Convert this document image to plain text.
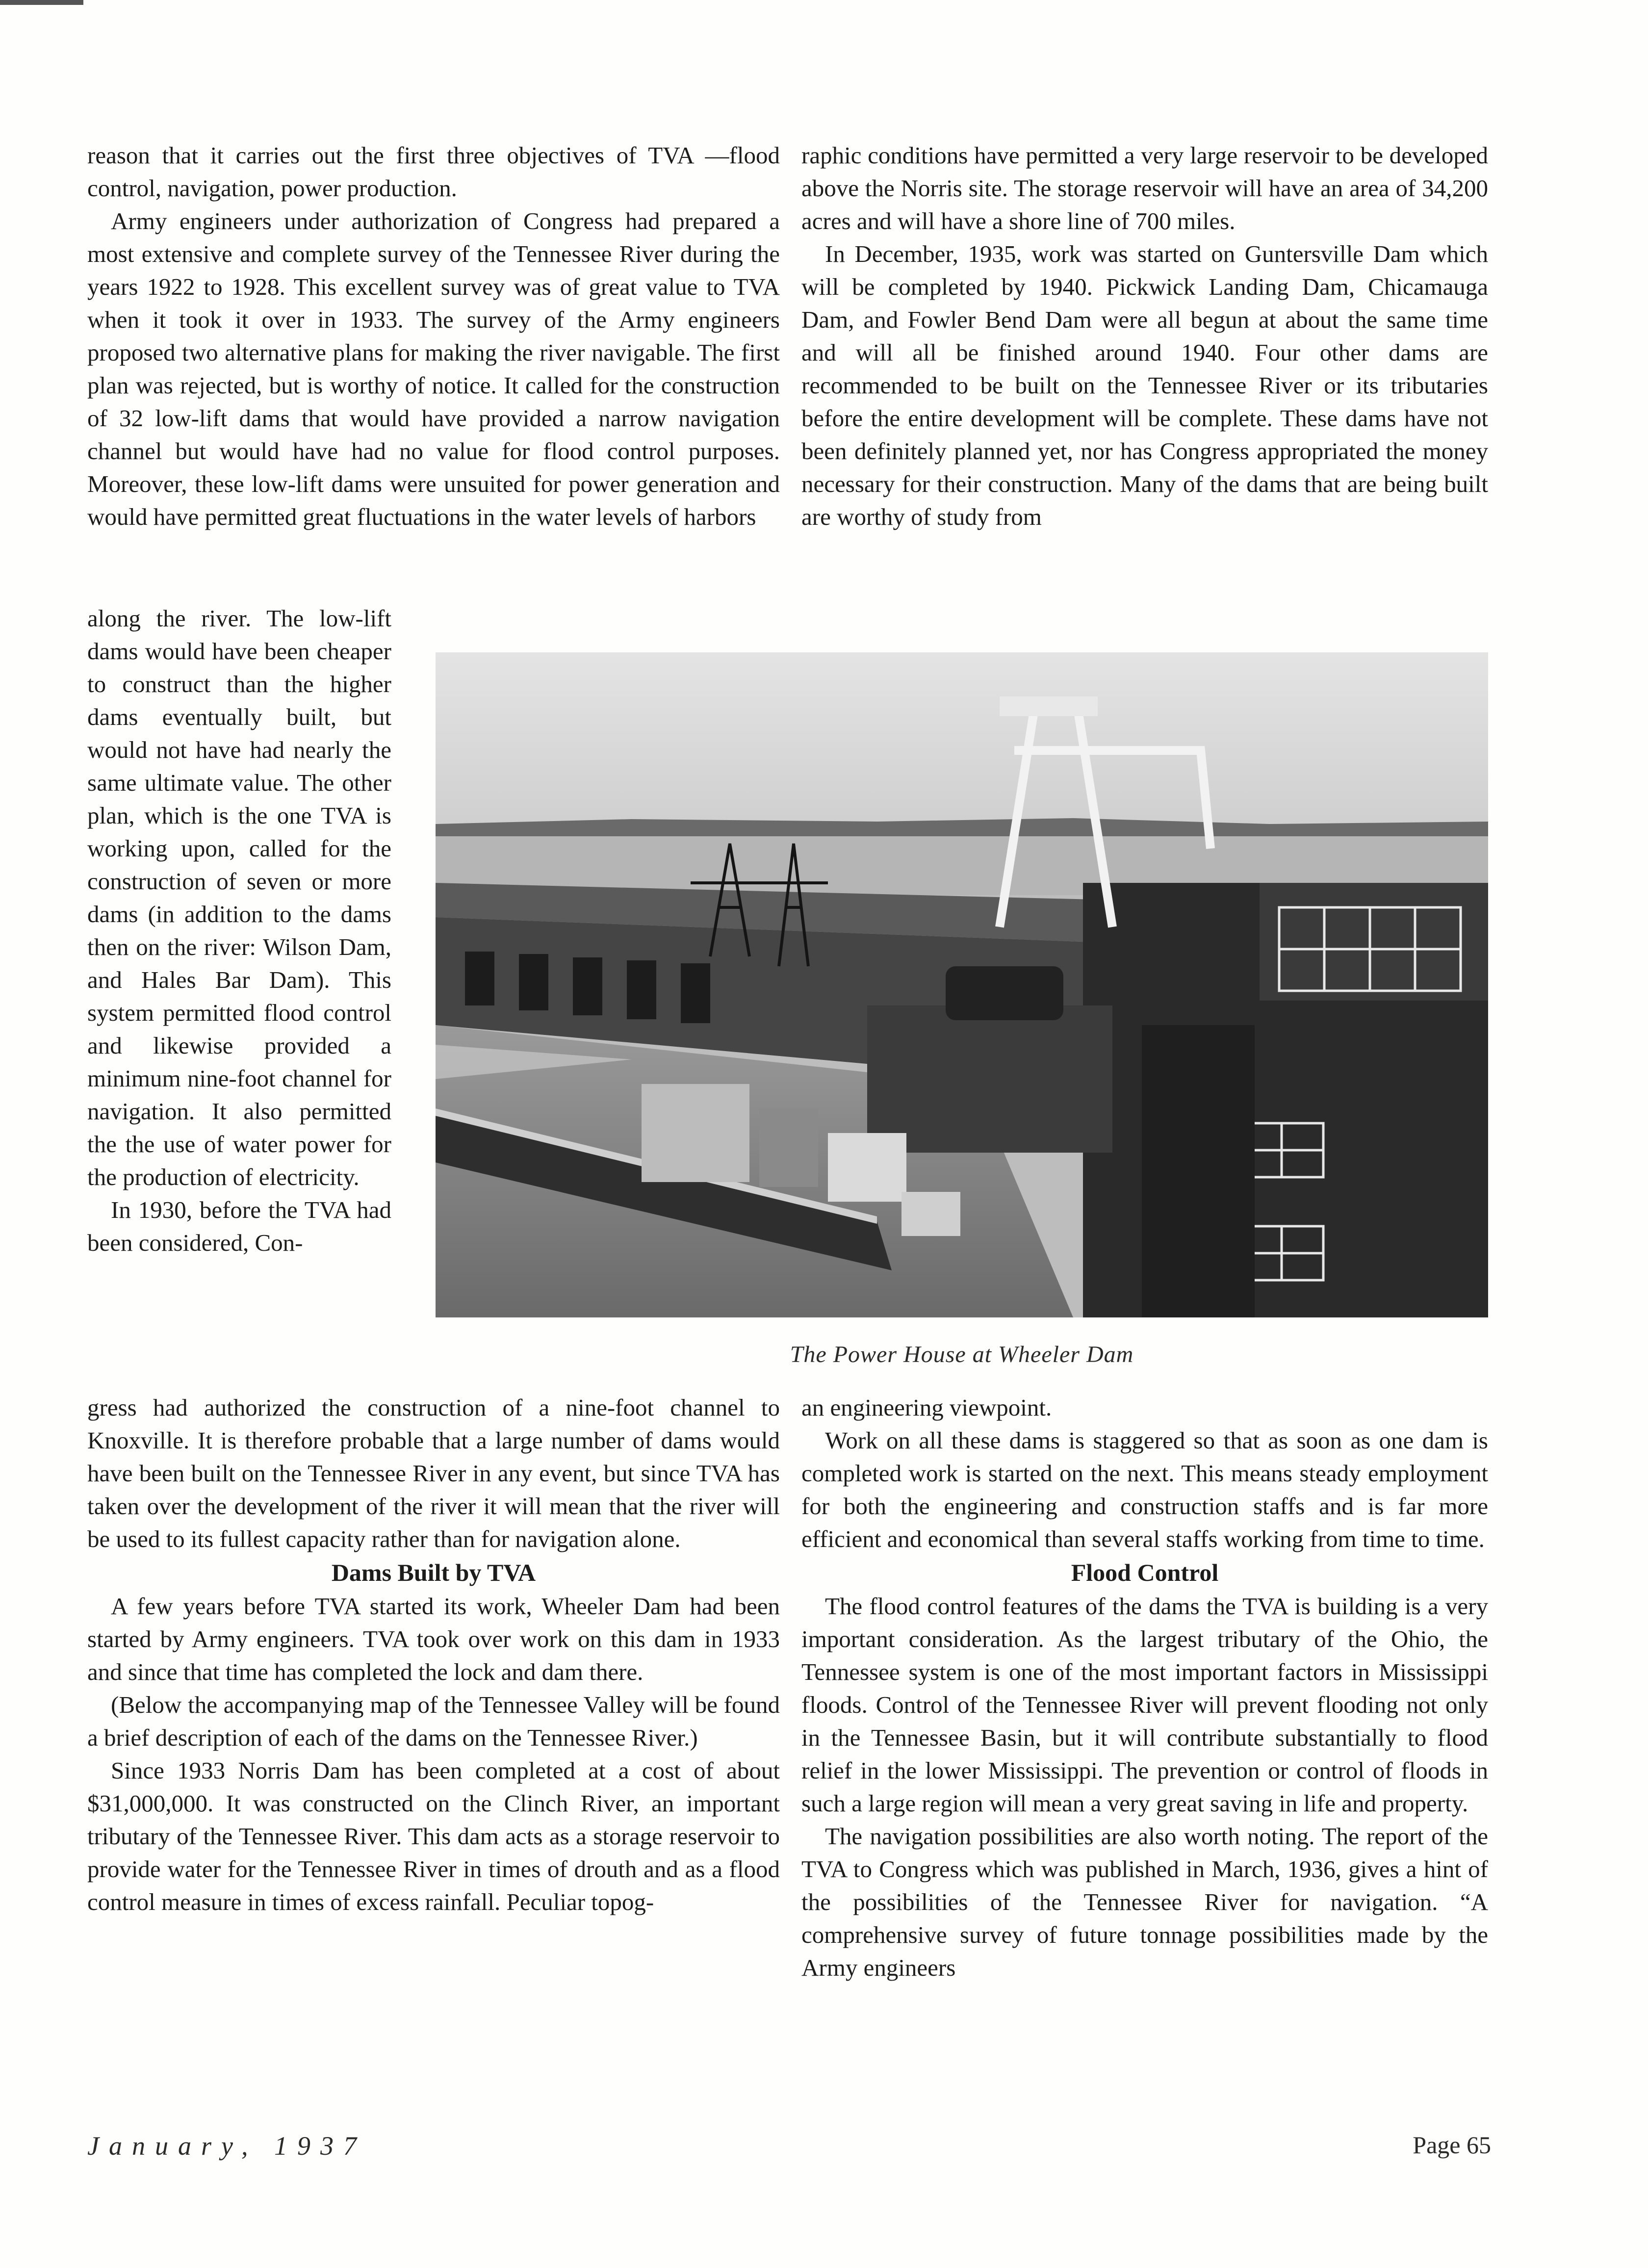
reason that it carries out the first three objectives of TVA —flood control, navigation, power production.

Army engineers under authorization of Congress had prepared a most extensive and complete survey of the Tennessee River during the years 1922 to 1928. This excellent survey was of great value to TVA when it took it over in 1933. The survey of the Army engineers proposed two alternative plans for making the river navigable. The first plan was rejected, but is worthy of notice. It called for the construction of 32 low-lift dams that would have provided a narrow navigation channel but would have had no value for flood control purposes. Moreover, these low-lift dams were unsuited for power generation and would have permitted great fluctuations in the water levels of harbors

along the river. The low-lift dams would have been cheaper to construct than the higher dams eventually built, but would not have had nearly the same ultimate value. The other plan, which is the one TVA is working upon, called for the construction of seven or more dams (in addition to the dams then on the river: Wilson Dam, and Hales Bar Dam). This system permitted flood control and likewise provided a minimum nine-foot channel for navigation. It also permitted the the use of water power for the production of electricity.

In 1930, before the TVA had been considered, Con-

raphic conditions have permitted a very large reservoir to be developed above the Norris site. The storage reservoir will have an area of 34,200 acres and will have a shore line of 700 miles.

In December, 1935, work was started on Guntersville Dam which will be completed by 1940. Pickwick Landing Dam, Chicamauga Dam, and Fowler Bend Dam were all begun at about the same time and will all be finished around 1940. Four other dams are recommended to be built on the Tennessee River or its tributaries before the entire development will be complete. These dams have not been definitely planned yet, nor has Congress appropriated the money necessary for their construction. Many of the dams that are being built are worthy of study from

The Power House at Wheeler Dam

gress had authorized the construction of a nine-foot channel to Knoxville. It is therefore probable that a large number of dams would have been built on the Tennessee River in any event, but since TVA has taken over the development of the river it will mean that the river will be used to its fullest capacity rather than for navigation alone.

Dams Built by TVA

A few years before TVA started its work, Wheeler Dam had been started by Army engineers. TVA took over work on this dam in 1933 and since that time has completed the lock and dam there.

(Below the accompanying map of the Tennessee Valley will be found a brief description of each of the dams on the Tennessee River.)

Since 1933 Norris Dam has been completed at a cost of about $31,000,000. It was constructed on the Clinch River, an important tributary of the Tennessee River. This dam acts as a storage reservoir to provide water for the Tennessee River in times of drouth and as a flood control measure in times of excess rainfall. Peculiar topog-

an engineering viewpoint.

Work on all these dams is staggered so that as soon as one dam is completed work is started on the next. This means steady employment for both the engineering and construction staffs and is far more efficient and economical than several staffs working from time to time.

Flood Control

The flood control features of the dams the TVA is building is a very important consideration. As the largest tributary of the Ohio, the Tennessee system is one of the most important factors in Mississippi floods. Control of the Tennessee River will prevent flooding not only in the Tennessee Basin, but it will contribute substantially to flood relief in the lower Mississippi. The prevention or control of floods in such a large region will mean a very great saving in life and property.

The navigation possibilities are also worth noting. The report of the TVA to Congress which was published in March, 1936, gives a hint of the possibilities of the Tennessee River for navigation. “A comprehensive survey of future tonnage possibilities made by the Army engineers

January, 1937	Page 65
